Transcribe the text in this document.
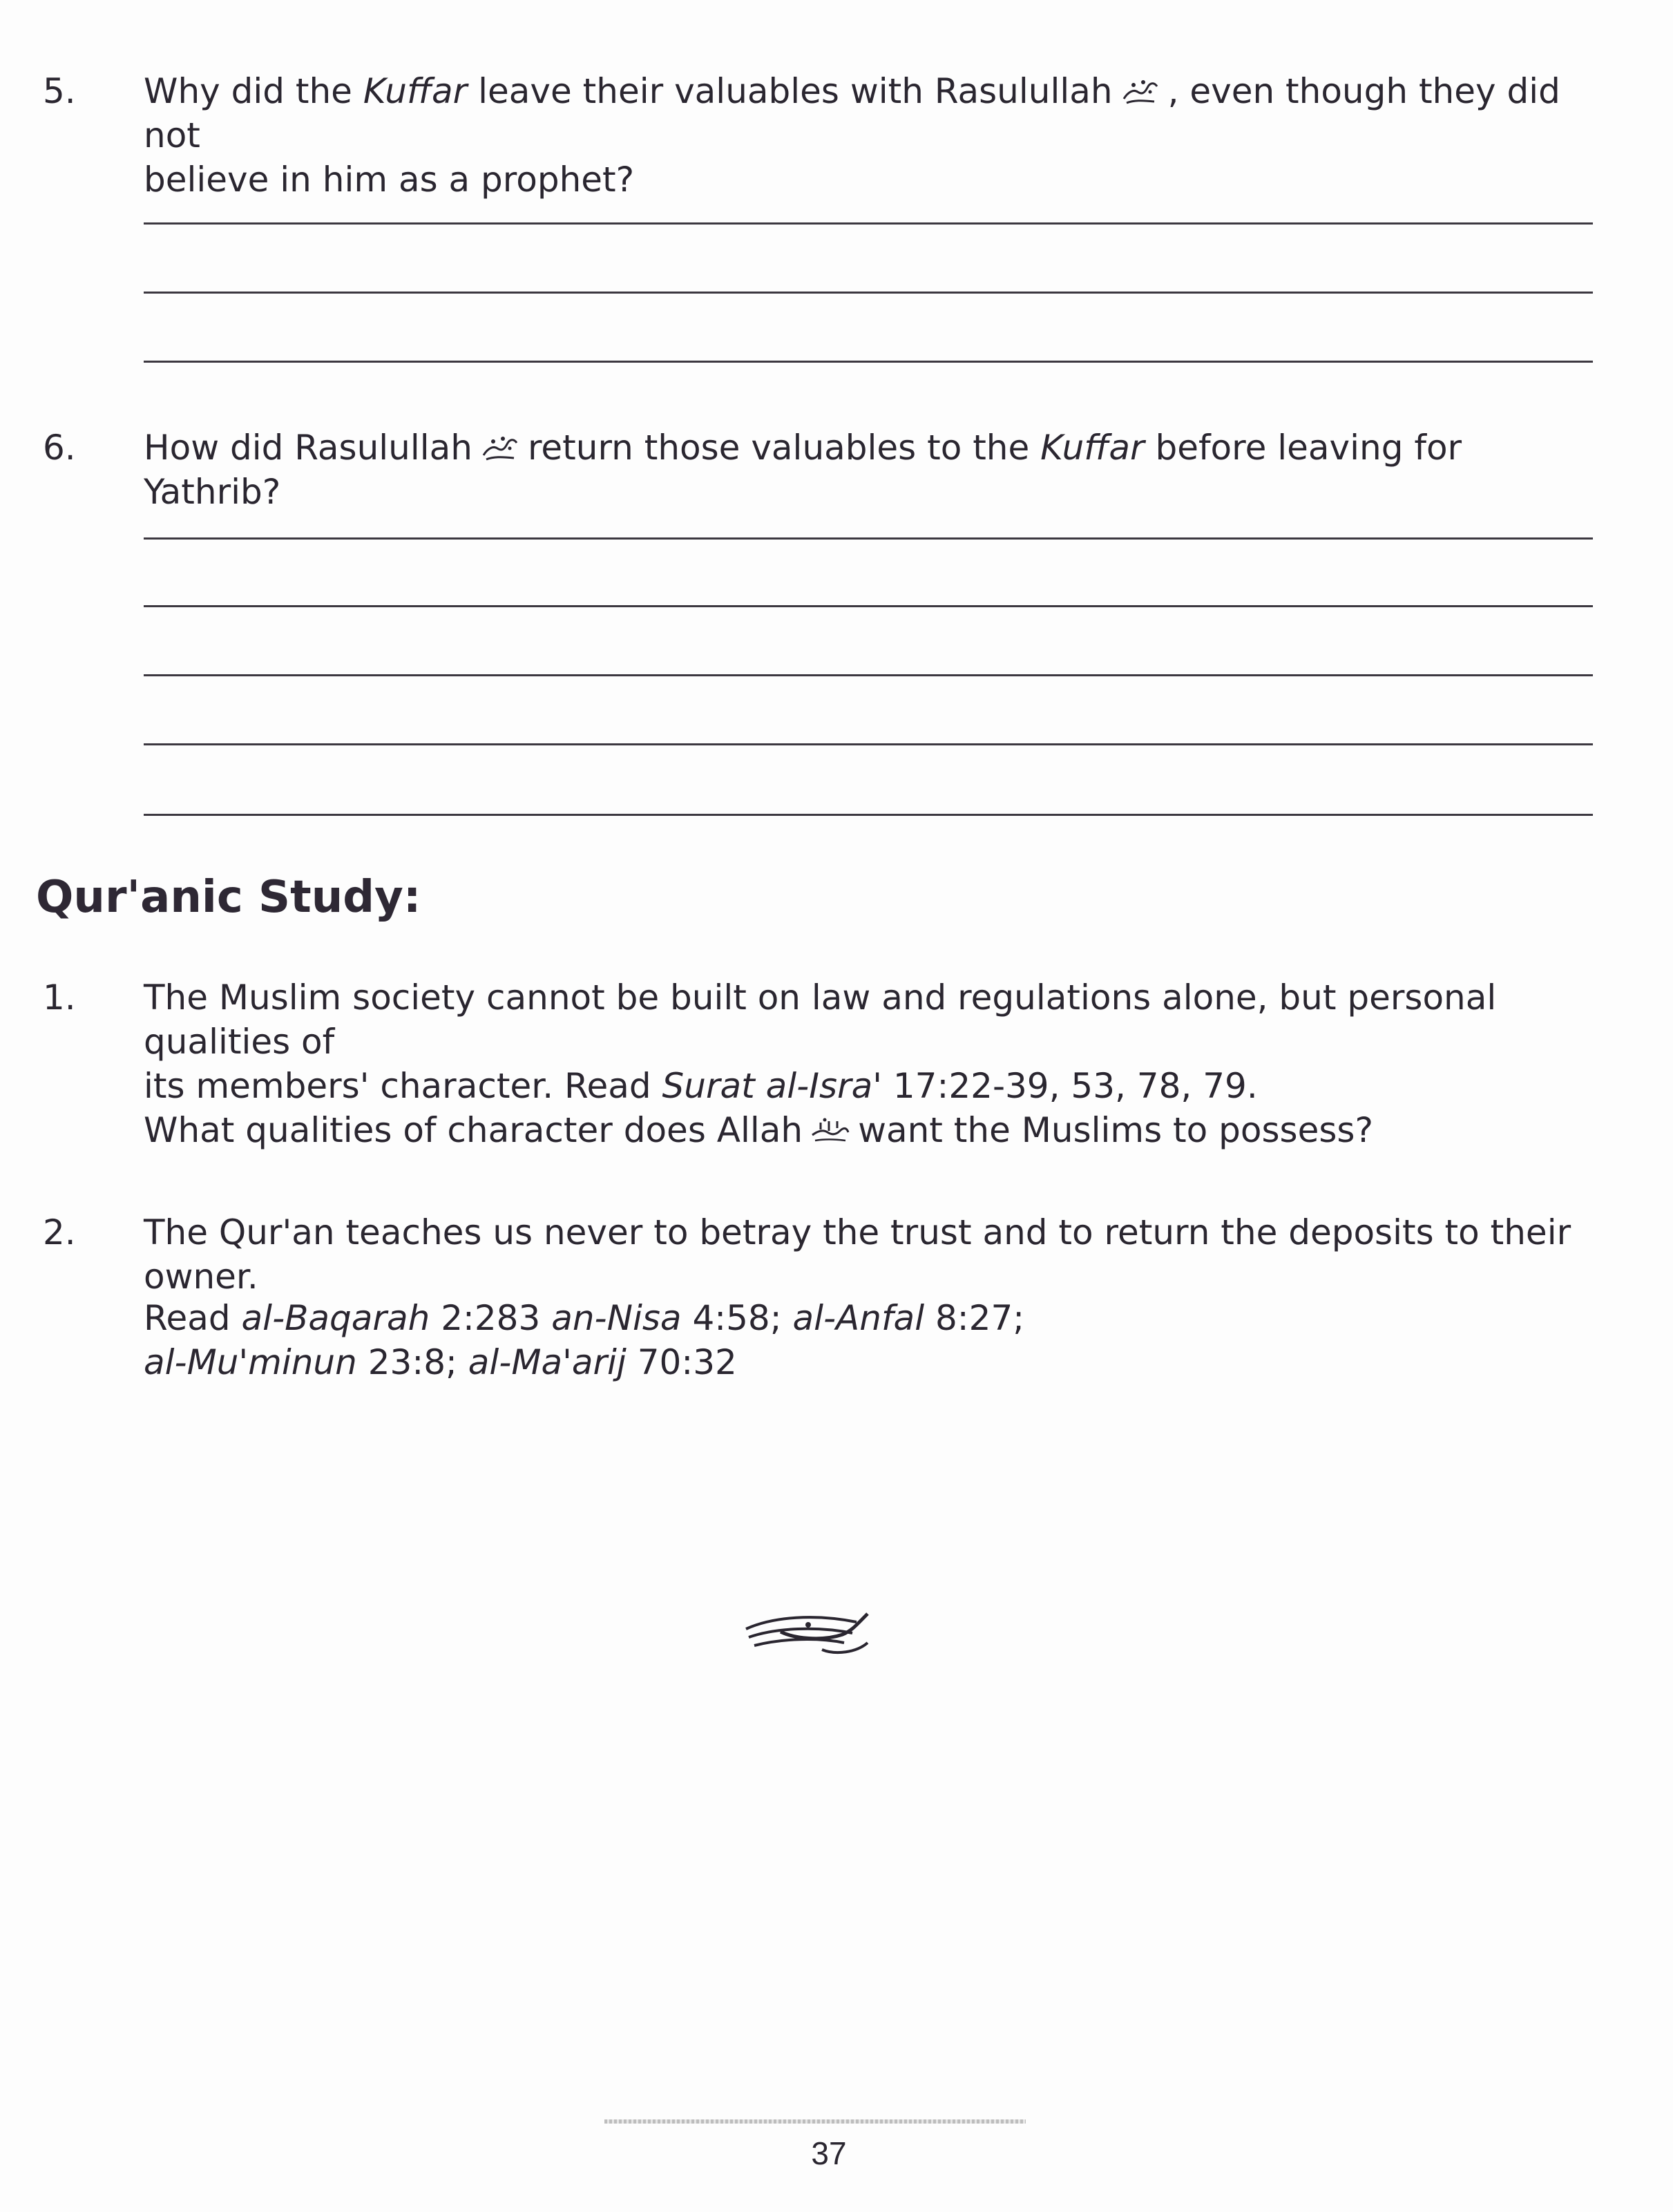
5. Why did the Kuffar leave their valuables with Rasulullah , even though they did not
believe in him as a prophet?
6. How did Rasulullah return those valuables to the Kuffar before leaving for Yathrib?
Qur'anic Study:
1. The Muslim society cannot be built on law and regulations alone, but personal qualities of
its members' character. Read Surat al-Isra' 17:22-39, 53, 78, 79.
What qualities of character does Allah want the Muslims to possess?
2. The Qur'an teaches us never to betray the trust and to return the deposits to their owner.
Read al-Baqarah 2:283 an-Nisa 4:58; al-Anfal 8:27;
al-Mu'minun 23:8; al-Ma'arij 70:32
37
